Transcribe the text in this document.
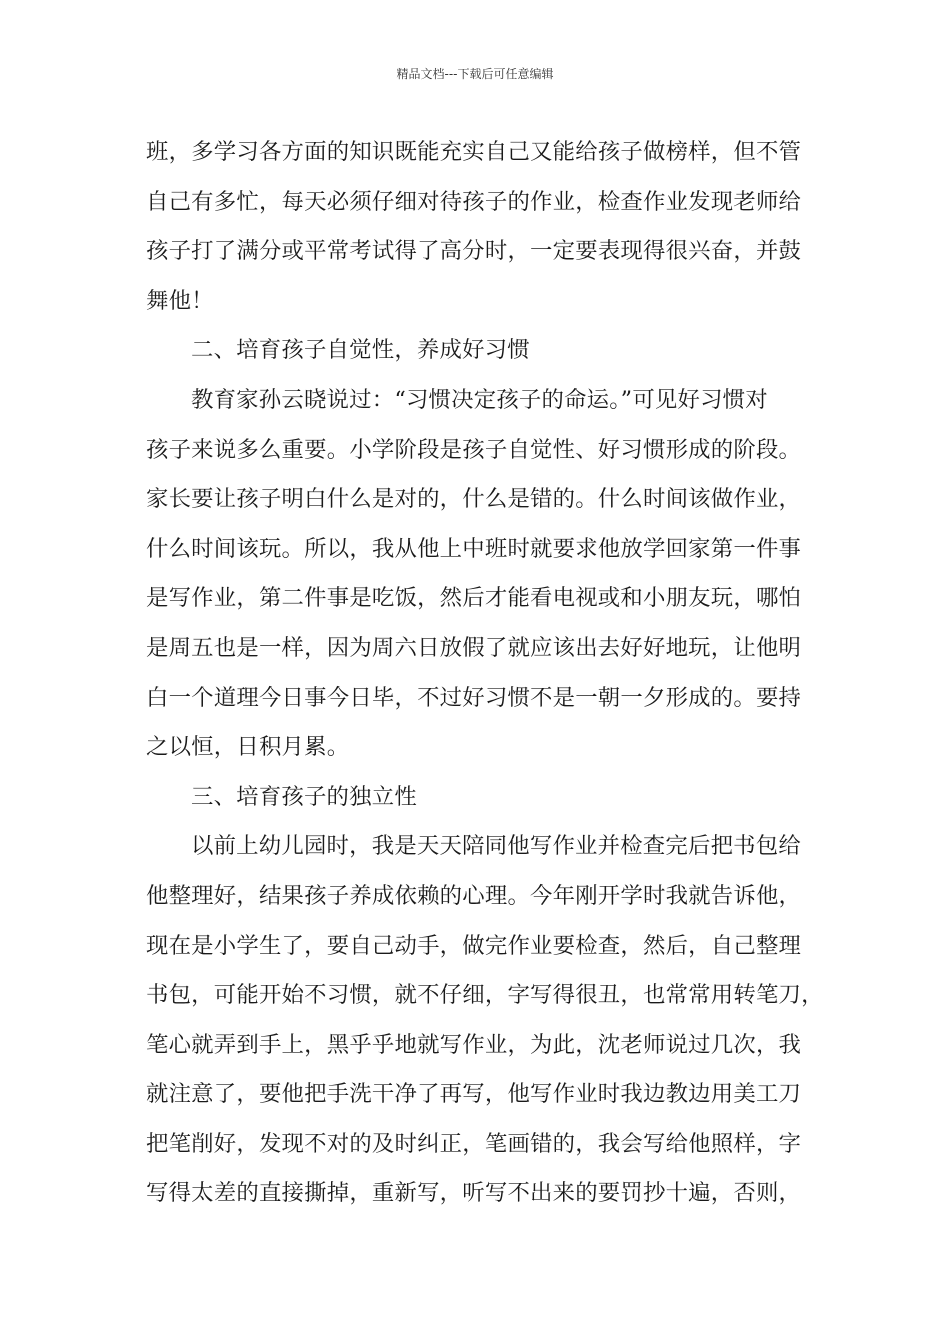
精品文档---下载后可任意编辑
班，多学习各方面的知识既能充实自己又能给孩子做榜样，但不管
自己有多忙，每天必须仔细对待孩子的作业，检查作业发现老师给
孩子打了满分或平常考试得了高分时，一定要表现得很兴奋，并鼓
舞他！
二、培育孩子自觉性，养成好习惯
教育家孙云晓说过：“习惯决定孩子的命运。”可见好习惯对
孩子来说多么重要。小学阶段是孩子自觉性、好习惯形成的阶段。
家长要让孩子明白什么是对的，什么是错的。什么时间该做作业，
什么时间该玩。所以，我从他上中班时就要求他放学回家第一件事
是写作业，第二件事是吃饭，然后才能看电视或和小朋友玩，哪怕
是周五也是一样，因为周六日放假了就应该出去好好地玩，让他明
白一个道理今日事今日毕，不过好习惯不是一朝一夕形成的。要持
之以恒，日积月累。
三、培育孩子的独立性
以前上幼儿园时，我是天天陪同他写作业并检查完后把书包给
他整理好，结果孩子养成依赖的心理。今年刚开学时我就告诉他，
现在是小学生了，要自己动手，做完作业要检查，然后，自己整理
书包，可能开始不习惯，就不仔细，字写得很丑，也常常用转笔刀，
笔心就弄到手上，黑乎乎地就写作业，为此，沈老师说过几次，我
就注意了，要他把手洗干净了再写，他写作业时我边教边用美工刀
把笔削好，发现不对的及时纠正，笔画错的，我会写给他照样，字
写得太差的直接撕掉，重新写，听写不出来的要罚抄十遍，否则，
